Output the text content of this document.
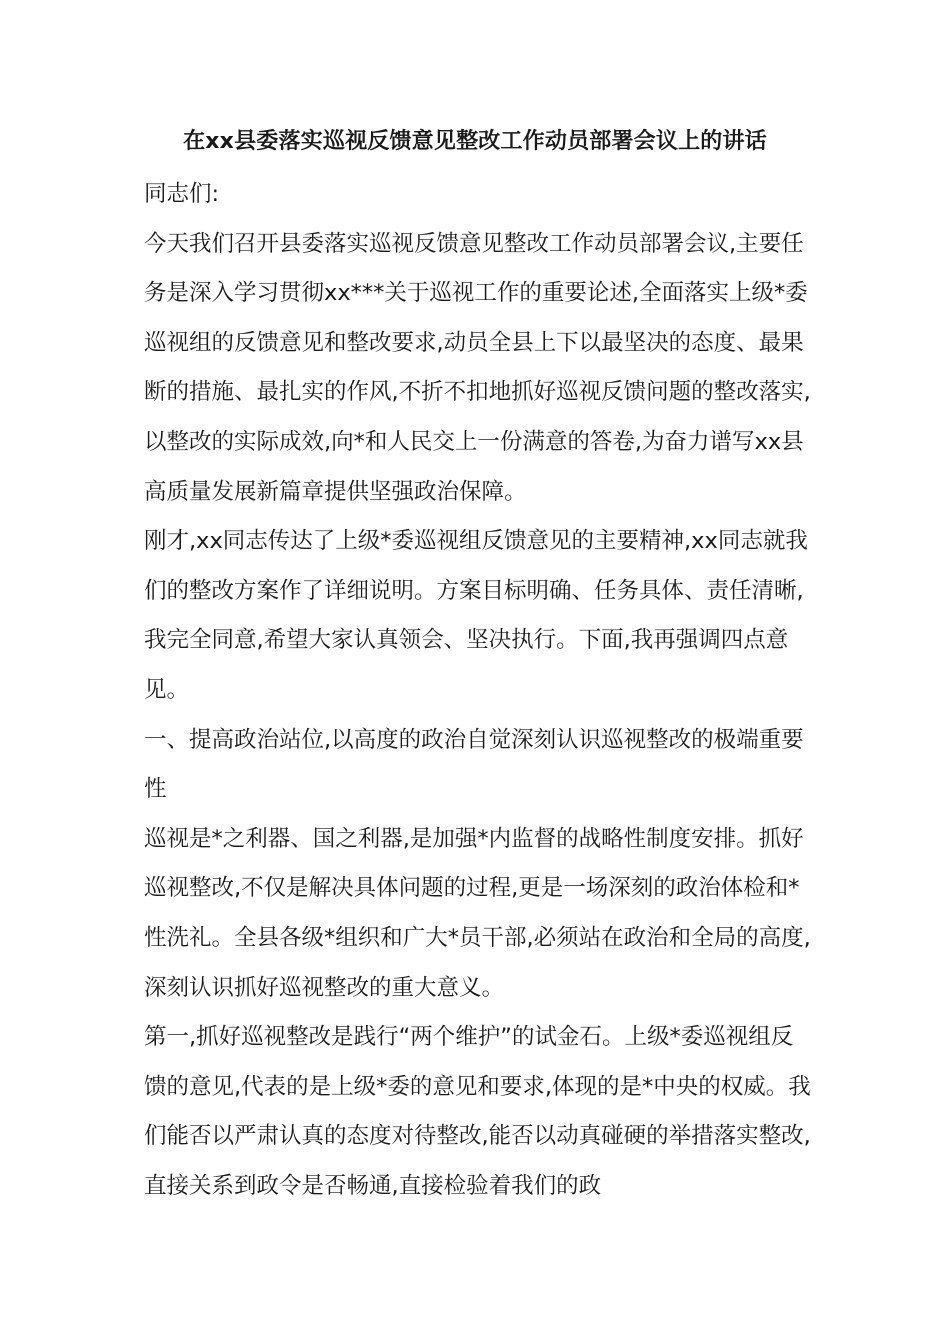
在xx县委落实巡视反馈意见整改工作动员部署会议上的讲话

同志们:

今天我们召开县委落实巡视反馈意见整改工作动员部署会议,主要任务是深入学习贯彻xx***关于巡视工作的重要论述,全面落实上级*委巡视组的反馈意见和整改要求,动员全县上下以最坚决的态度、最果断的措施、最扎实的作风,不折不扣地抓好巡视反馈问题的整改落实,以整改的实际成效,向*和人民交上一份满意的答卷,为奋力谱写xx县高质量发展新篇章提供坚强政治保障。

刚才,xx同志传达了上级*委巡视组反馈意见的主要精神,xx同志就我们的整改方案作了详细说明。方案目标明确、任务具体、责任清晰,我完全同意,希望大家认真领会、坚决执行。下面,我再强调四点意见。

一、提高政治站位,以高度的政治自觉深刻认识巡视整改的极端重要性

巡视是*之利器、国之利器,是加强*内监督的战略性制度安排。抓好巡视整改,不仅是解决具体问题的过程,更是一场深刻的政治体检和*性洗礼。全县各级*组织和广大*员干部,必须站在政治和全局的高度,深刻认识抓好巡视整改的重大意义。

第一,抓好巡视整改是践行“两个维护”的试金石。上级*委巡视组反馈的意见,代表的是上级*委的意见和要求,体现的是*中央的权威。我们能否以严肃认真的态度对待整改,能否以动真碰硬的举措落实整改,直接关系到政令是否畅通,直接检验着我们的政
